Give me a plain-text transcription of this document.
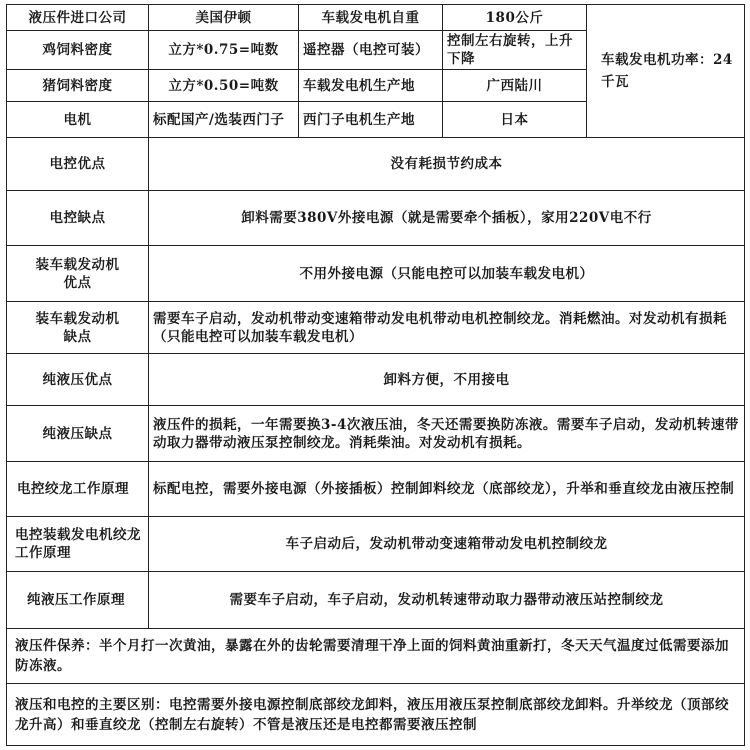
液压件进口公司	美国伊顿	车载发电机自重	180公斤	车载发电机功率：24千瓦
鸡饲料密度	立方*0.75=吨数	遥控器（电控可装）	控制左右旋转，上升下降	
猪饲料密度	立方*0.50=吨数	车载发电机生产地	广西陆川	
电机	标配国产/选装西门子	西门子电机生产地	日本	
电控优点	没有耗损节约成本			
电控缺点	卸料需要380V外接电源（就是需要牵个插板），家用220V电不行			
装车载发动机优点	不用外接电源（只能电控可以加装车载发电机）			
装车载发动机缺点	需要车子启动，发动机带动变速箱带动发电机带动电机控制绞龙。消耗燃油。对发动机有损耗（只能电控可以加装车载发电机）			
纯液压优点	卸料方便，不用接电			
纯液压缺点	液压件的损耗，一年需要换3-4次液压油，冬天还需要换防冻液。需要车子启动，发动机转速带动取力器带动液压泵控制绞龙。消耗柴油。对发动机有损耗。			
电控绞龙工作原理	标配电控，需要外接电源（外接插板）控制卸料绞龙（底部绞龙），升举和垂直绞龙由液压控制			
电控装载发电机绞龙工作原理	车子启动后，发动机带动变速箱带动发电机控制绞龙			
纯液压工作原理	需要车子启动，车子启动，发动机转速带动取力器带动液压站控制绞龙			
液压件保养：半个月打一次黄油，暴露在外的齿轮需要清理干净上面的饲料黄油重新打，冬天天气温度过低需要添加防冻液。				
液压和电控的主要区别：电控需要外接电源控制底部绞龙卸料，液压用液压泵控制底部绞龙卸料。升举绞龙（顶部绞龙升高）和垂直绞龙（控制左右旋转）不管是液压还是电控都需要液压控制				
